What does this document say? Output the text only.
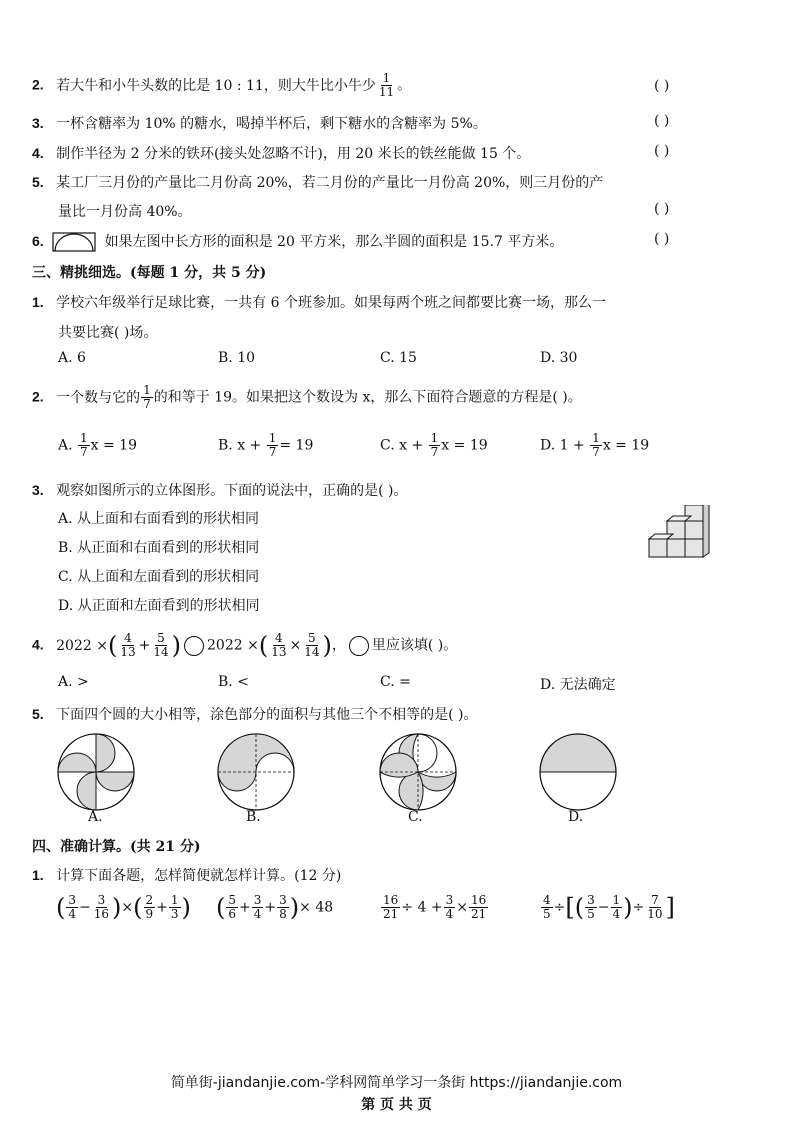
2. 若大牛和小牛头数的比是 10 : 11，则大牛比小牛少 $\frac{1}{11}$ 。	( )
3. 一杯含糖率为 10% 的糖水，喝掉半杯后，剩下糖水的含糖率为 5%。	( )
4. 制作半径为 2 分米的铁环(接头处忽略不计)，用 20 米长的铁丝能做 15 个。	( )
5. 某工厂三月份的产量比二月份高 20%，若二月份的产量比一月份高 20%，则三月份的产
量比一月份高 40%。	( )
6.	如果左图中长方形的面积是 20 平方米，那么半圆的面积是 15.7 平方米。	( )
三、精挑细选。(每题 1 分，共 5 分)
1. 学校六年级举行足球比赛，一共有 6 个班参加。如果每两个班之间都要比赛一场，那么一
共要比赛( )场。
A. 6	B. 10	C. 15	D. 30
2. 一个数与它的 $\frac{1}{7}$ 的和等于 19。如果把这个数设为 x，那么下面符合题意的方程是( )。
A. $\frac{1}{7}$ x = 19	B. $x + \frac{1}{7} = 19$	C. $x + \frac{1}{7}$ x = 19	D. $1 + \frac{1}{7}$ x = 19
3. 观察如图所示的立体图形。下面的说法中，正确的是( )。
A. 从上面和右面看到的形状相同
B. 从正面和右面看到的形状相同
C. 从上面和左面看到的形状相同
D. 从正面和左面看到的形状相同
4. 2022 ×( $\frac{4}{13} + \frac{5}{14}$ ) 2022 ×( $\frac{4}{13} \times \frac{5}{14}$ )， 里应该填( )。
A. >	B. <	C. =	D. 无法确定
5. 下面四个圆的大小相等，涂色部分的面积与其他三个不相等的是( )。
A.	B.	C.	D.
四、准确计算。(共 21 分)
1. 计算下面各题，怎样简便就怎样计算。(12 分)
( $\frac{3}{4} - \frac{3}{16}$ )×( $\frac{2}{9} + \frac{1}{3}$ ) ( $\frac{5}{6} + \frac{3}{4} + \frac{3}{8}$ )× 48	$\frac{16}{21} \div 4 + \frac{3}{4} \times \frac{16}{21}$	$\frac{4}{5}$ ÷[( $\frac{3}{5} - \frac{1}{4}$ )÷ $\frac{7}{10}$ ]
简单街-jiandanjie.com-学科网简单学习一条街 https://jiandanjie.com
第 页 共 页
